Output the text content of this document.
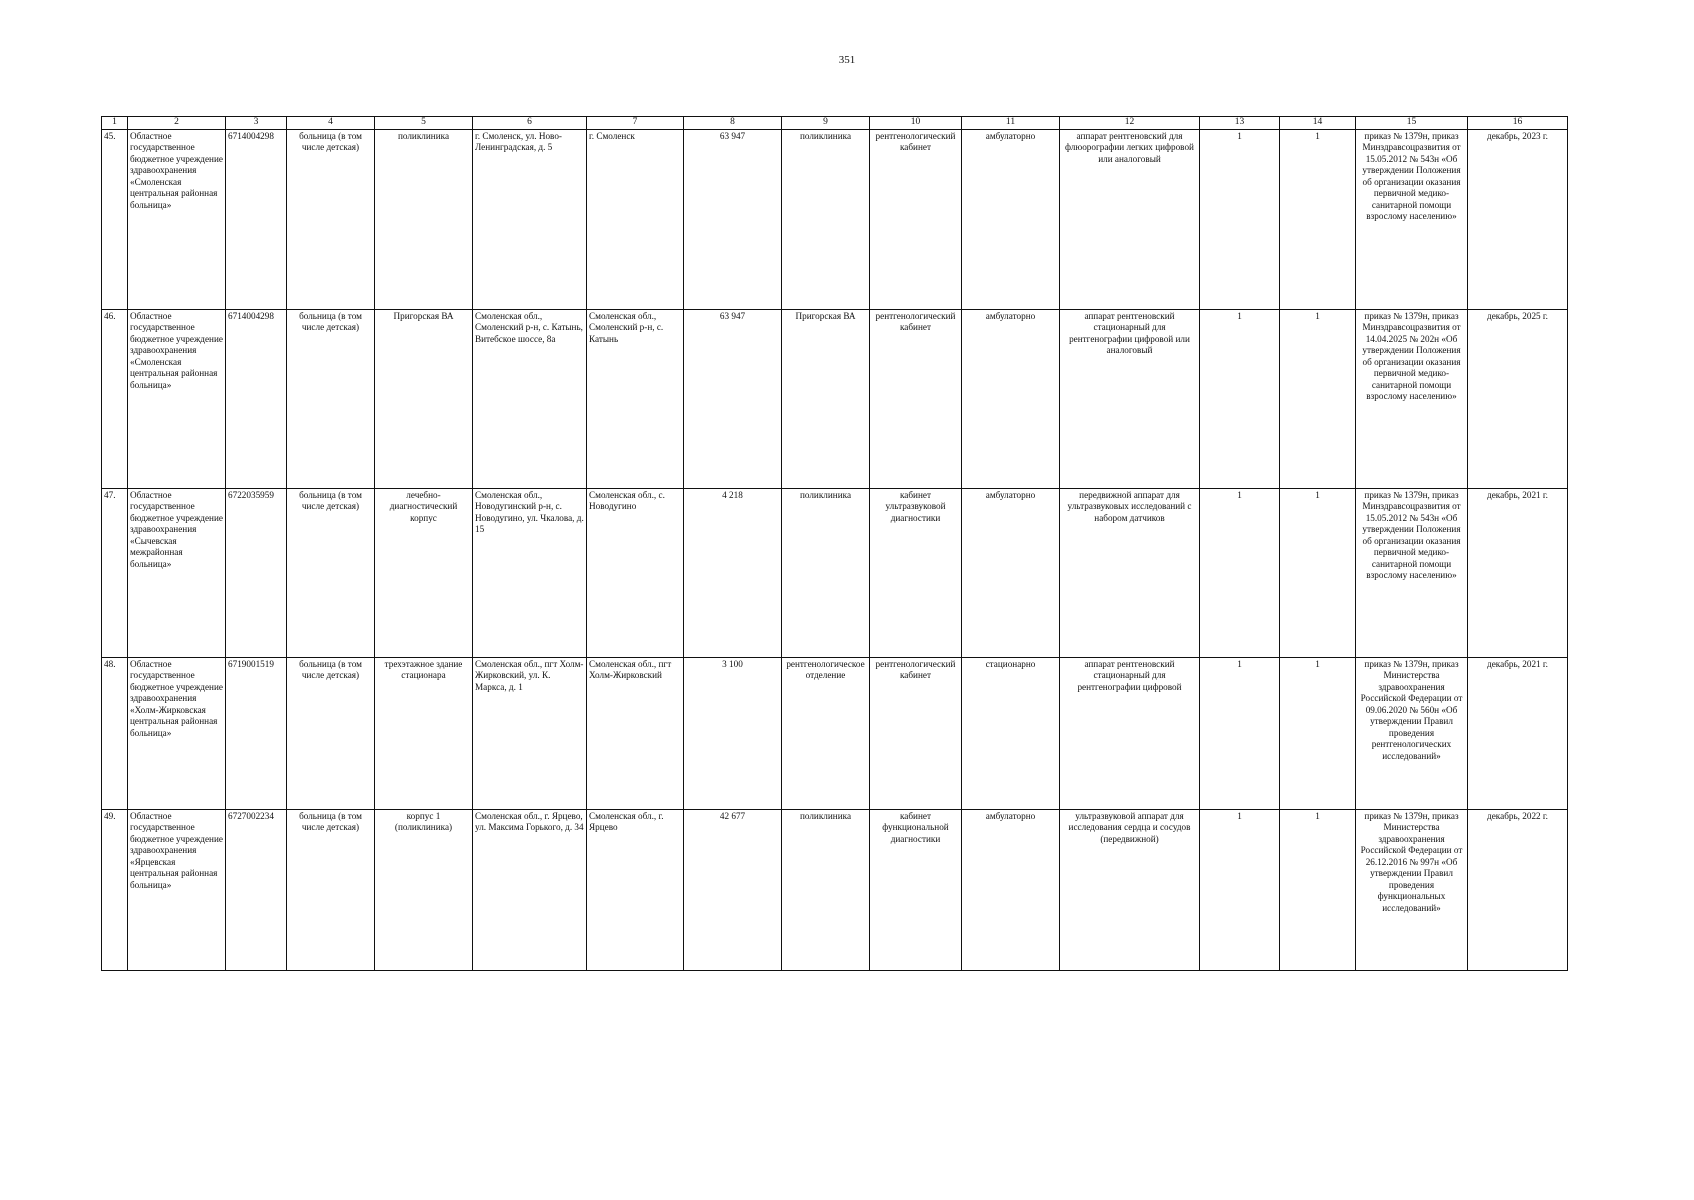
351
1	2	3	4	5	6	7	8	9	10	11	12	13	14	15	16
45.	Областное государственное бюджетное учреждение здравоохранения «Смоленская центральная районная больница»	6714004298	больница (в том числе детская)	поликлиника	г. Смоленск, ул. Ново-Ленинградская, д. 5	г. Смоленск	63 947	поликлиника	рентгенологический кабинет	амбулаторно	аппарат рентгеновский для флюорографии легких цифровой или аналоговый	1	1	приказ № 1379н, приказ Минздравсоцразвития от 15.05.2012 № 543н «Об утверждении Положения об организации оказания первичной медико-санитарной помощи взрослому населению»	декабрь, 2023 г.
46.	Областное государственное бюджетное учреждение здравоохранения «Смоленская центральная районная больница»	6714004298	больница (в том числе детская)	Пригорская ВА	Смоленская обл., Смоленский р-н, с. Катынь, Витебское шоссе, 8а	Смоленская обл., Смоленский р-н, с. Катынь	63 947	Пригорская ВА	рентгенологический кабинет	амбулаторно	аппарат рентгеновский стационарный для рентгенографии цифровой или аналоговый	1	1	приказ № 1379н, приказ Минздравсоцразвития от 14.04.2025 № 202н «Об утверждении Положения об организации оказания первичной медико-санитарной помощи взрослому населению»	декабрь, 2025 г.
47.	Областное государственное бюджетное учреждение здравоохранения «Сычевская межрайонная больница»	6722035959	больница (в том числе детская)	лечебно-диагностический корпус	Смоленская обл., Новодугинский р-н, с. Новодугино, ул. Чкалова, д. 15	Смоленская обл., с. Новодугино	4 218	поликлиника	кабинет ультразвуковой диагностики	амбулаторно	передвижной аппарат для ультразвуковых исследований с набором датчиков	1	1	приказ № 1379н, приказ Минздравсоцразвития от 15.05.2012 № 543н «Об утверждении Положения об организации оказания первичной медико-санитарной помощи взрослому населению»	декабрь, 2021 г.
48.	Областное государственное бюджетное учреждение здравоохранения «Холм-Жирковская центральная районная больница»	6719001519	больница (в том числе детская)	трехэтажное здание стационара	Смоленская обл., пгт Холм- Жирковский, ул. К. Маркса, д. 1	Смоленская обл., пгт Холм-Жирковский	3 100	рентгенологическое отделение	рентгенологический кабинет	стационарно	аппарат рентгеновский стационарный для рентгенографии цифровой	1	1	приказ № 1379н, приказ Министерства здравоохранения Российской Федерации от 09.06.2020 № 560н «Об утверждении Правил проведения рентгенологических исследований»	декабрь, 2021 г.
49.	Областное государственное бюджетное учреждение здравоохранения «Ярцевская центральная районная больница»	6727002234	больница (в том числе детская)	корпус 1 (поликлиника)	Смоленская обл., г. Ярцево, ул. Максима Горького, д. 34	Смоленская обл., г. Ярцево	42 677	поликлиника	кабинет функциональной диагностики	амбулаторно	ультразвуковой аппарат для исследования сердца и сосудов (передвижной)	1	1	приказ № 1379н, приказ Министерства здравоохранения Российской Федерации от 26.12.2016 № 997н «Об утверждении Правил проведения функциональных исследований»	декабрь, 2022 г.
